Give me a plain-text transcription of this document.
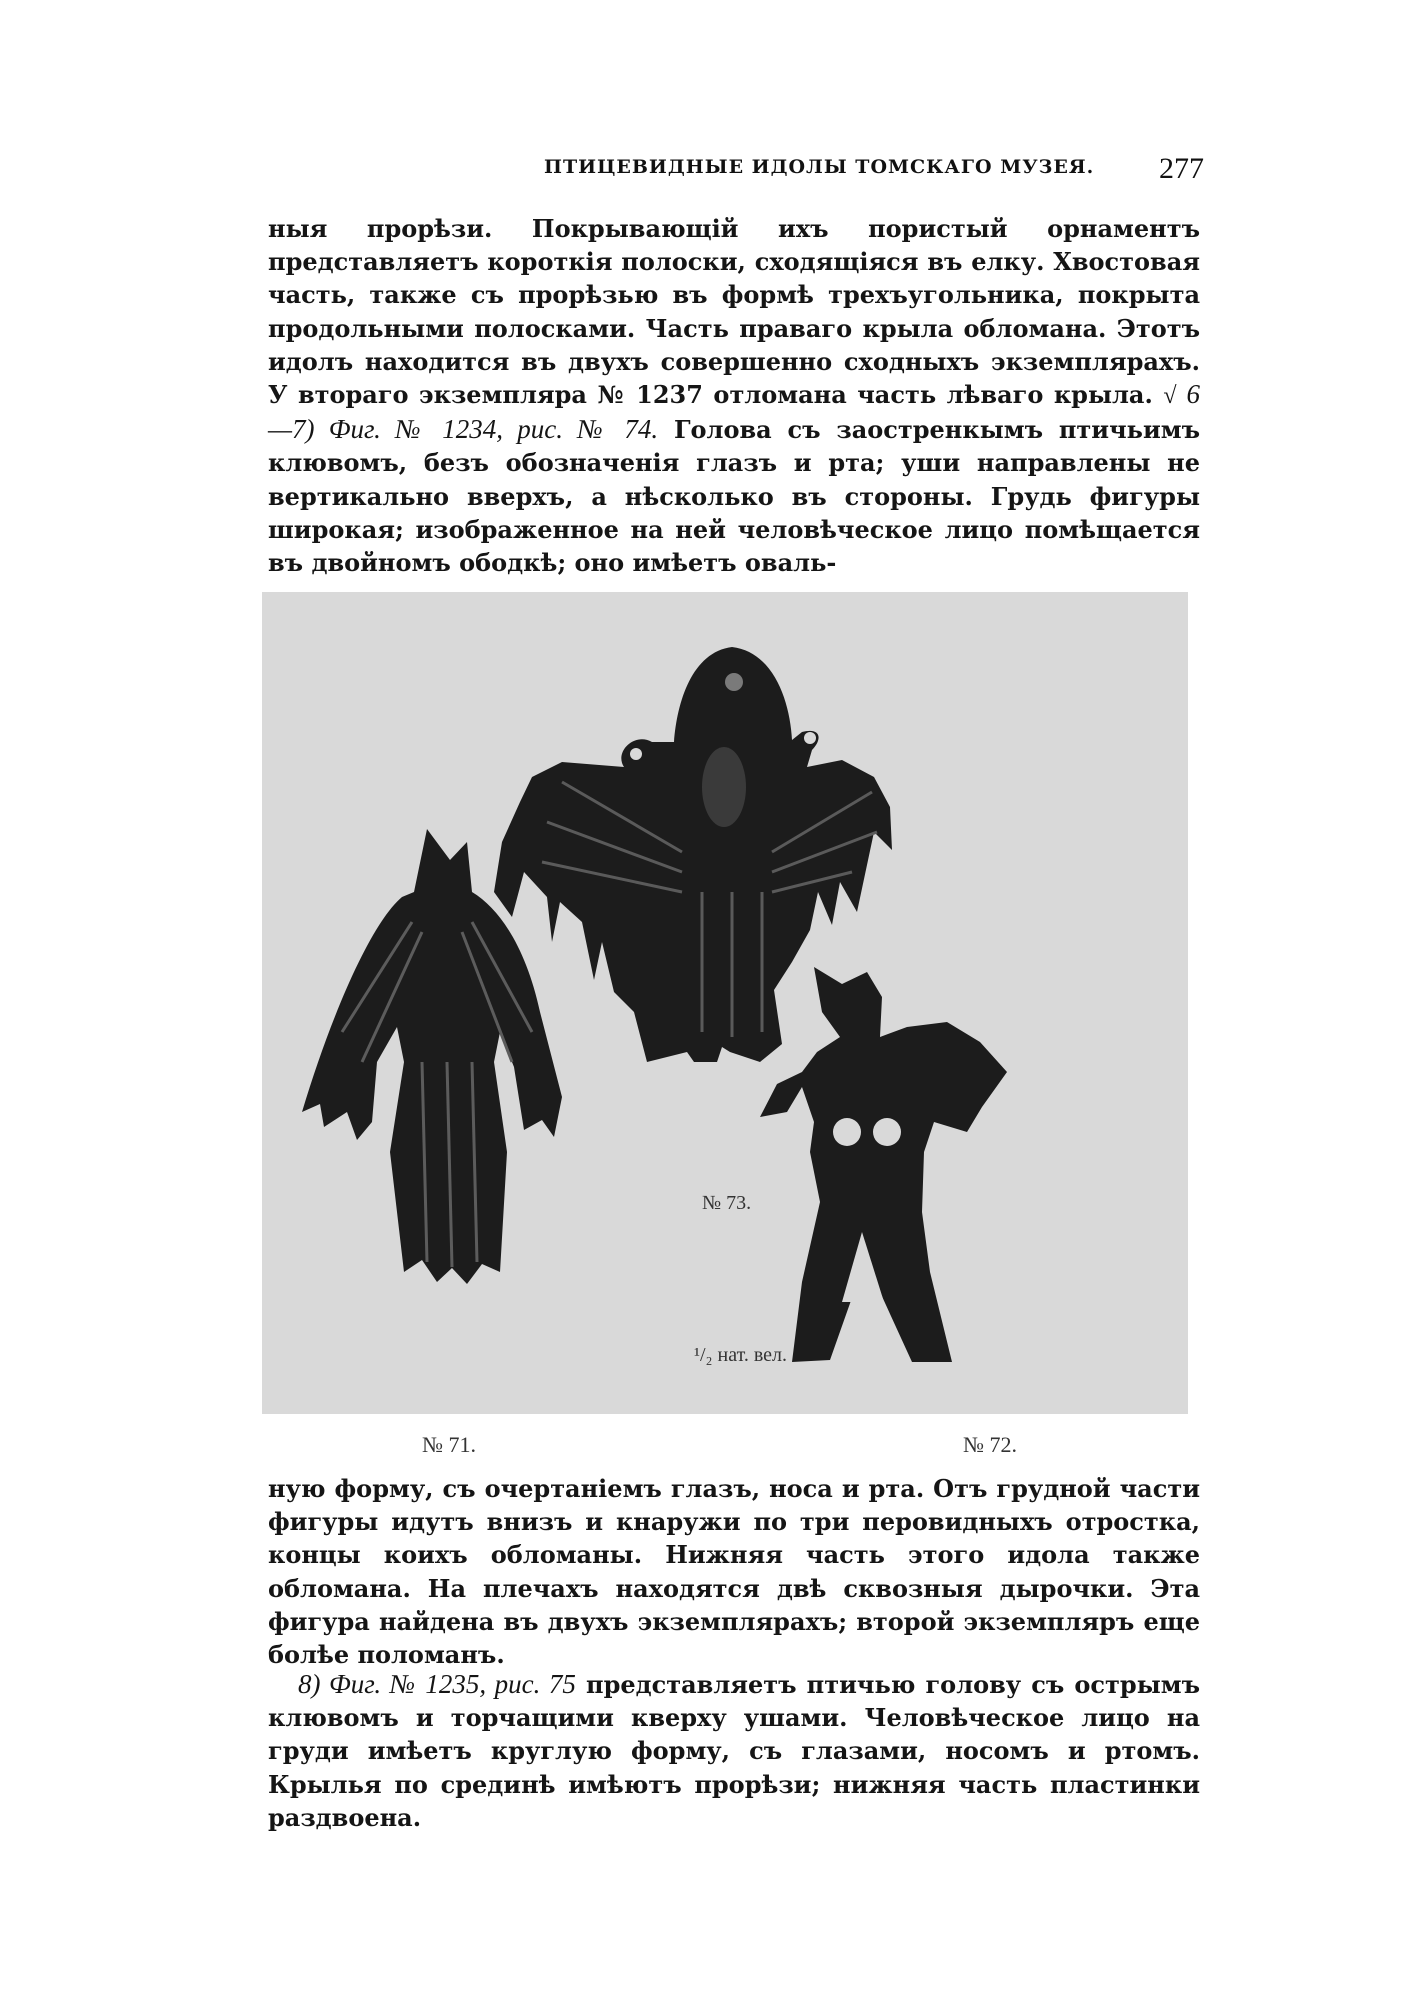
ПТИЦЕВИДНЫЕ ИДОЛЫ ТОМСКАГО МУЗЕЯ. 277

ныя прорѣзи. Покрывающій ихъ пористый орнаментъ представляетъ короткія полоски, сходящіяся въ елку. Хвостовая часть, также съ прорѣзью въ формѣ трехъугольника, покрыта продольными полосками. Часть праваго крыла обломана. Этотъ идолъ находится въ двухъ совершенно сходныхъ экземплярахъ. У втораго экземпляра № 1237 отломана часть лѣваго крыла. √ 6—7) Фиг. № 1234, рис. № 74. Голова съ заостренкымъ птичьимъ клювомъ, безъ обозначенія глазъ и рта; уши направлены не вертикально вверхъ, а нѣсколько въ стороны. Грудь фигуры широкая; изображенное на ней человѣческое лицо помѣщается въ двойномъ ободкѣ; оно имѣетъ оваль-

№ 73.
¹/₂ нат. вел.
№ 71.	№ 72.

ную форму, съ очертаніемъ глазъ, носа и рта. Отъ грудной части фигуры идутъ внизъ и кнаружи по три перовидныхъ отростка, концы коихъ обломаны. Нижняя часть этого идола также обломана. На плечахъ находятся двѣ сквозныя дырочки. Эта фигура найдена въ двухъ экземплярахъ; второй экземпляръ еще болѣе поломанъ.

8) Фиг. № 1235, рис. 75 представляетъ птичью голову съ острымъ клювомъ и торчащими кверху ушами. Человѣческое лицо на груди имѣетъ круглую форму, съ глазами, носомъ и ртомъ. Крылья по срединѣ имѣютъ прорѣзи; нижняя часть пластинки раздвоена.
